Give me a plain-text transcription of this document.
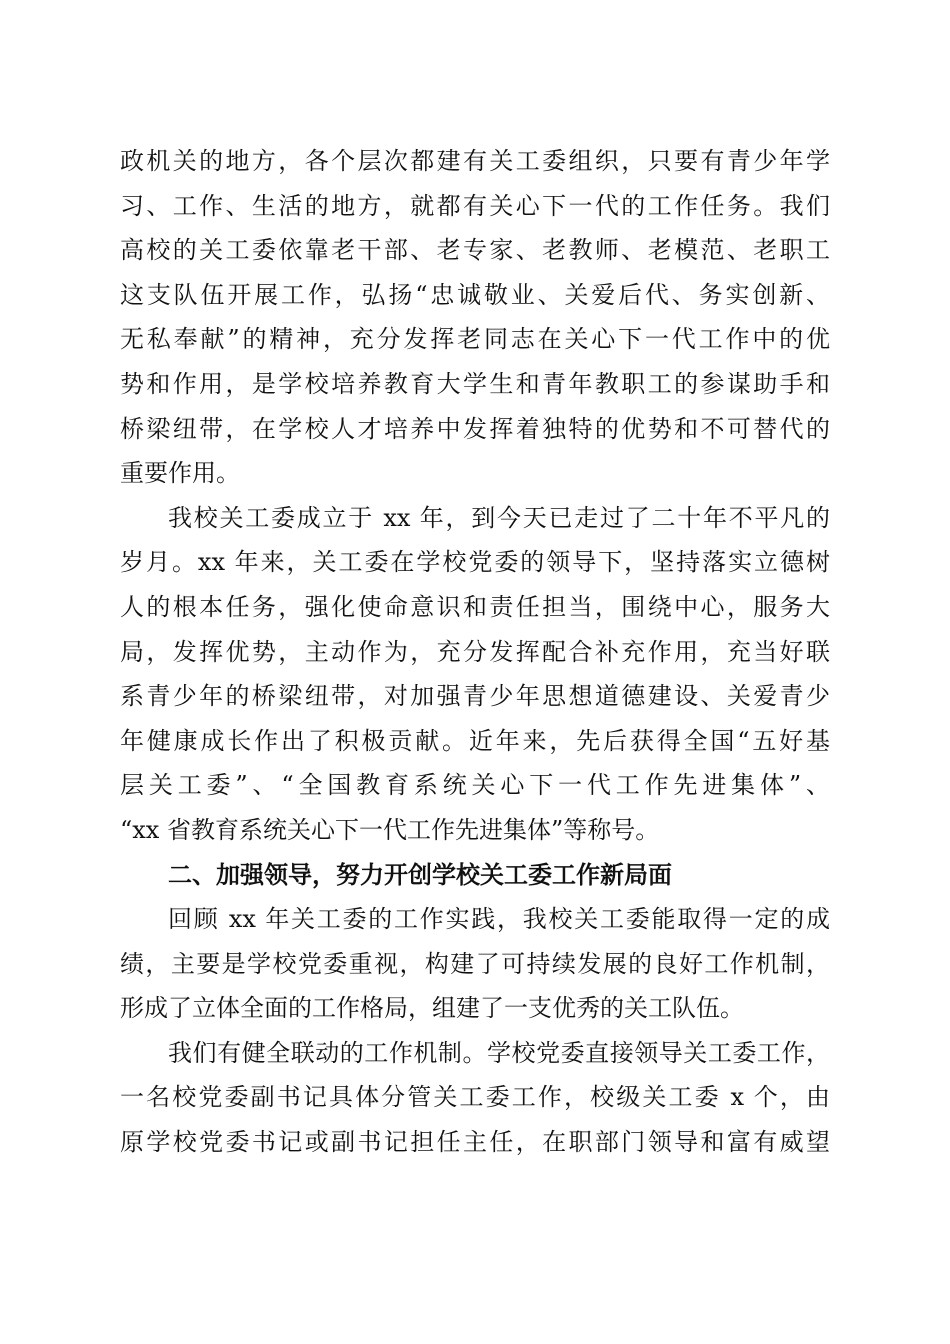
政机关的地方，各个层次都建有关工委组织，只要有青少年学
习、工作、生活的地方，就都有关心下一代的工作任务。我们
高校的关工委依靠老干部、老专家、老教师、老模范、老职工
这支队伍开展工作，弘扬“忠诚敬业、关爱后代、务实创新、
无私奉献”的精神，充分发挥老同志在关心下一代工作中的优
势和作用，是学校培养教育大学生和青年教职工的参谋助手和
桥梁纽带，在学校人才培养中发挥着独特的优势和不可替代的
重要作用。
我校关工委成立于 xx 年，到今天已走过了二十年不平凡的
岁月。xx 年来，关工委在学校党委的领导下，坚持落实立德树
人的根本任务，强化使命意识和责任担当，围绕中心，服务大
局，发挥优势，主动作为，充分发挥配合补充作用，充当好联
系青少年的桥梁纽带，对加强青少年思想道德建设、关爱青少
年健康成长作出了积极贡献。近年来，先后获得全国“五好基
层关工委”、“全国教育系统关心下一代工作先进集体”、
“xx 省教育系统关心下一代工作先进集体”等称号。
二、加强领导，努力开创学校关工委工作新局面
回顾 xx 年关工委的工作实践，我校关工委能取得一定的成
绩，主要是学校党委重视，构建了可持续发展的良好工作机制，
形成了立体全面的工作格局，组建了一支优秀的关工队伍。
我们有健全联动的工作机制。学校党委直接领导关工委工作，
一名校党委副书记具体分管关工委工作，校级关工委 x 个，由
原学校党委书记或副书记担任主任，在职部门领导和富有威望
